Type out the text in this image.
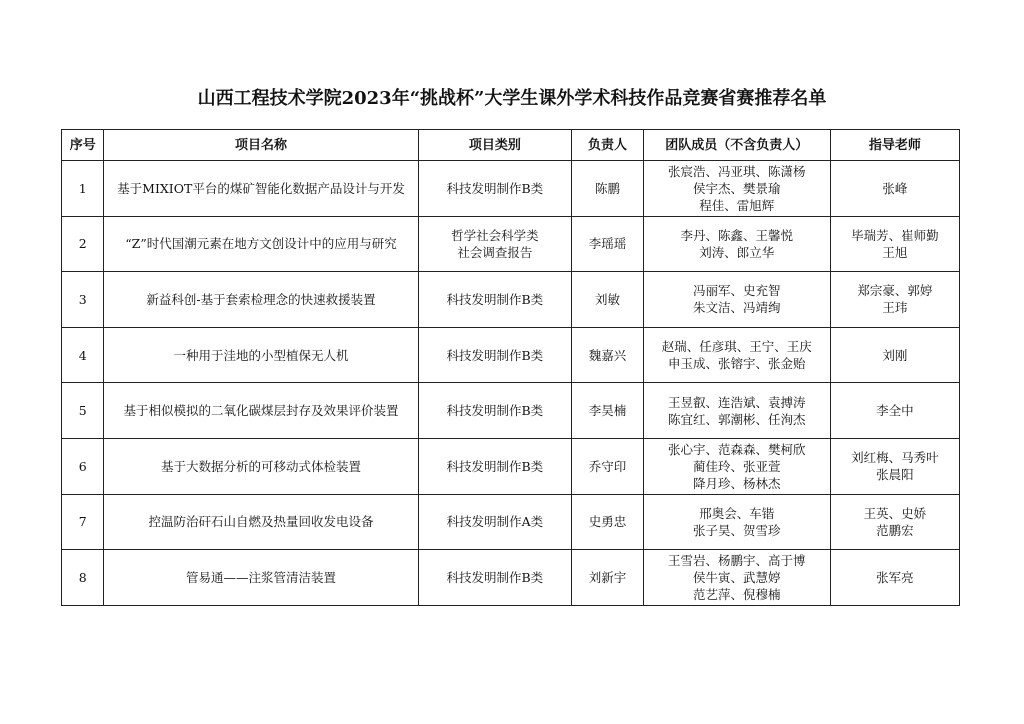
山西工程技术学院2023年“挑战杯”大学生课外学术科技作品竞赛省赛推荐名单
序号	项目名称	项目类别	负责人	团队成员（不含负责人）	指导老师
1	基于MIXIOT平台的煤矿智能化数据产品设计与开发	科技发明制作B类	陈鹏	张宸浩、冯亚琪、陈潇杨
侯宇杰、樊景瑜
程佳、雷旭辉	张峰

2	“Z”时代国潮元素在地方文创设计中的应用与研究	哲学社会科学类
社会调查报告	李瑶瑶	李丹、陈鑫、王馨悦
刘涛、郎立华	毕瑞芳、崔师勤
王旭

3	新益科创-基于套索检理念的快速救援装置	科技发明制作B类	刘敏	冯丽军、史充智
朱文洁、冯靖绚	郑宗豪、郭婷
王玮

4	一种用于洼地的小型植保无人机	科技发明制作B类	魏嘉兴	赵瑞、任彦琪、王宁、王庆
申玉成、张镕宇、张金贻	刘刚

5	基于相似模拟的二氧化碳煤层封存及效果评价装置	科技发明制作B类	李昊楠	王昱叡、连浩斌、袁搏涛
陈宜红、郭潮彬、任洵杰	李全中

6	基于大数据分析的可移动式体检装置	科技发明制作B类	乔守印	张心宇、范森森、樊柯欣
蔺佳玲、张亚萱
降月珍、杨林杰	刘红梅、马秀叶
张晨阳

7	控温防治矸石山自燃及热量回收发电设备	科技发明制作A类	史勇忠	邢奥会、车锴
张子昊、贺雪珍	王英、史娇
范鹏宏

8	管易通——注浆管清洁装置	科技发明制作B类	刘新宇	王雪岩、杨鹏宇、高于博
侯牛寅、武慧婷
范艺萍、倪穆楠	张军亮
